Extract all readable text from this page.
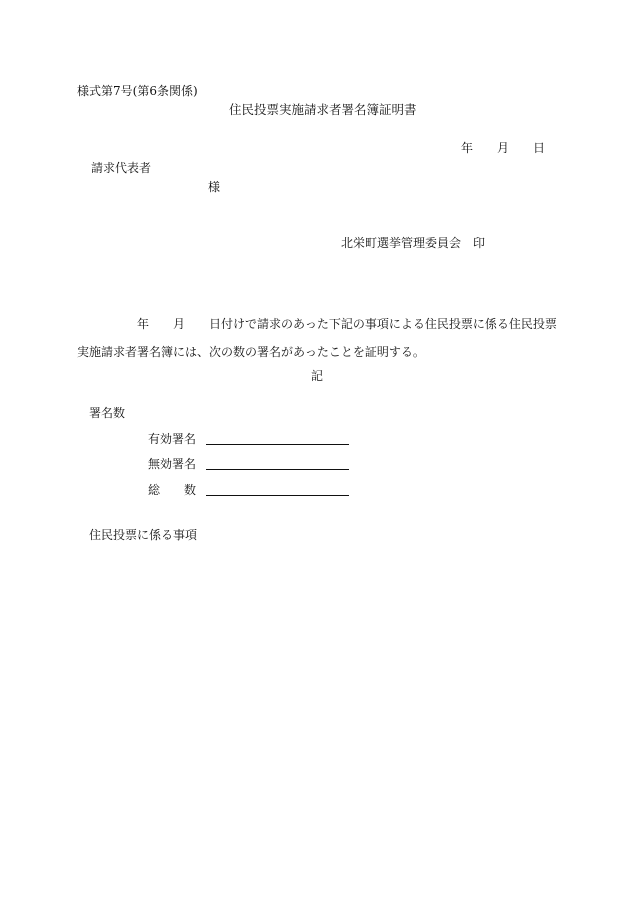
様式第7号(第6条関係)
住民投票実施請求者署名簿証明書
年 月 日
請求代表者
様
北栄町選挙管理委員会 印
年 月 日付けで請求のあった下記の事項による住民投票に係る住民投票
実施請求者署名簿には、次の数の署名があったことを証明する。
記
署名数
有効署名
無効署名
総　　数
住民投票に係る事項
